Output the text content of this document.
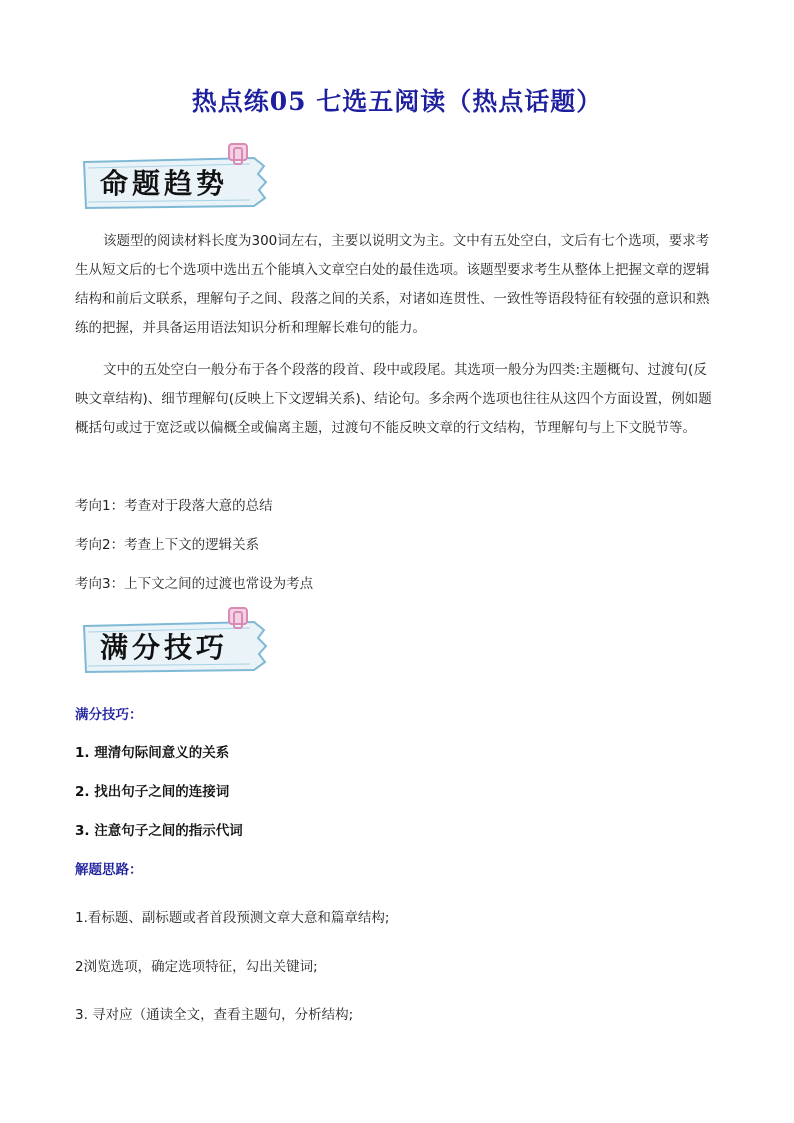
热点练05 七选五阅读（热点话题）
命题趋势

该题型的阅读材料长度为300词左右，主要以说明文为主。文中有五处空白，文后有七个选项，要求考生从短文后的七个选项中选出五个能填入文章空白处的最佳选项。该题型要求考生从整体上把握文章的逻辑结构和前后文联系，理解句子之间、段落之间的关系，对诸如连贯性、一致性等语段特征有较强的意识和熟练的把握，并具备运用语法知识分析和理解长难句的能力。

文中的五处空白一般分布于各个段落的段首、段中或段尾。其选项一般分为四类:主题概句、过渡句(反映文章结构)、细节理解句(反映上下文逻辑关系)、结论句。多余两个选项也往往从这四个方面设置，例如题概括句或过于宽泛或以偏概全或偏离主题，过渡句不能反映文章的行文结构，节理解句与上下文脱节等。

考向1：考查对于段落大意的总结
考向2：考查上下文的逻辑关系
考向3：上下文之间的过渡也常设为考点
满分技巧
满分技巧：
1. 理清句际间意义的关系
2. 找出句子之间的连接词
3. 注意句子之间的指示代词
解题思路：
1.看标题、副标题或者首段预测文章大意和篇章结构;
2浏览选项，确定选项特征，勾出关键词;
3. 寻对应（通读全文，查看主题句，分析结构;
